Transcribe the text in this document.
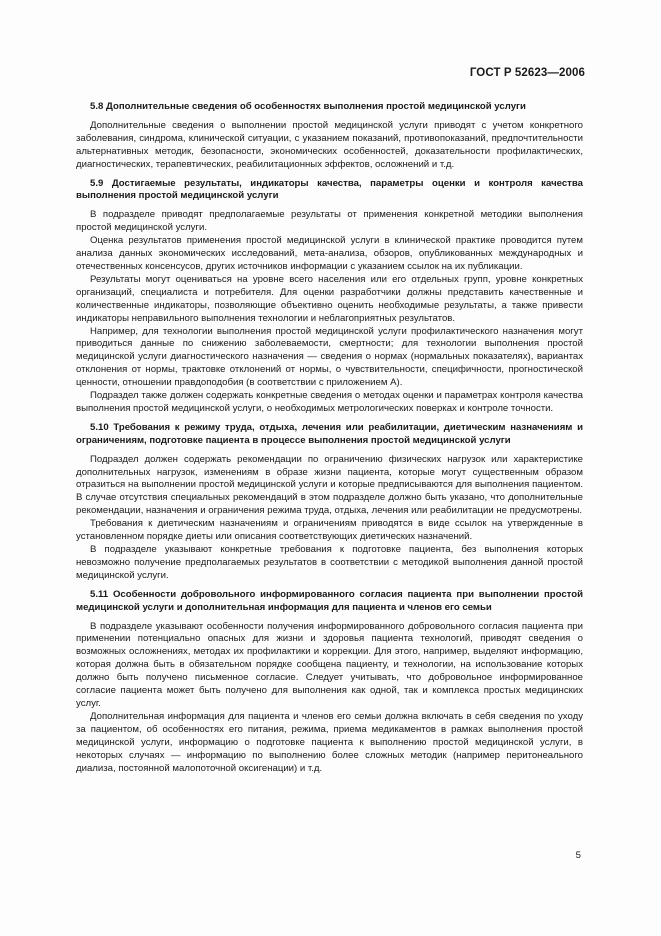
ГОСТ Р 52623—2006
5.8 Дополнительные сведения об особенностях выполнения простой медицинской услуги

Дополнительные сведения о выполнении простой медицинской услуги приводят с учетом конкретного заболевания, синдрома, клинической ситуации, с указанием показаний, противопоказаний, предпочтительности альтернативных методик, безопасности, экономических особенностей, доказательности профилактических, диагностических, терапевтических, реабилитационных эффектов, осложнений и т.д.

5.9 Достигаемые результаты, индикаторы качества, параметры оценки и контроля качества выполнения простой медицинской услуги

В подразделе приводят предполагаемые результаты от применения конкретной методики выполнения простой медицинской услуги.

Оценка результатов применения простой медицинской услуги в клинической практике проводится путем анализа данных экономических исследований, мета-анализа, обзоров, опубликованных международных и отечественных консенсусов, других источников информации с указанием ссылок на их публикации.

Результаты могут оцениваться на уровне всего населения или его отдельных групп, уровне конкретных организаций, специалиста и потребителя. Для оценки разработчики должны представить качественные и количественные индикаторы, позволяющие объективно оценить необходимые результаты, а также привести индикаторы неправильного выполнения технологии и неблагоприятных результатов.

Например, для технологии выполнения простой медицинской услуги профилактического назначения могут приводиться данные по снижению заболеваемости, смертности; для технологии выполнения простой медицинской услуги диагностического назначения — сведения о нормах (нормальных показателях), вариантах отклонения от нормы, трактовке отклонений от нормы, о чувствительности, специфичности, прогностической ценности, отношении правдоподобия (в соответствии с приложением А).

Подраздел также должен содержать конкретные сведения о методах оценки и параметрах контроля качества выполнения простой медицинской услуги, о необходимых метрологических поверках и контроле точности.

5.10 Требования к режиму труда, отдыха, лечения или реабилитации, диетическим назначениям и ограничениям, подготовке пациента в процессе выполнения простой медицинской услуги

Подраздел должен содержать рекомендации по ограничению физических нагрузок или характеристике дополнительных нагрузок, изменениям в образе жизни пациента, которые могут существенным образом отразиться на выполнении простой медицинской услуги и которые предписываются для выполнения пациентом. В случае отсутствия специальных рекомендаций в этом подразделе должно быть указано, что дополнительные рекомендации, назначения и ограничения режима труда, отдыха, лечения или реабилитации не предусмотрены.

Требования к диетическим назначениям и ограничениям приводятся в виде ссылок на утвержденные в установленном порядке диеты или описания соответствующих диетических назначений.

В подразделе указывают конкретные требования к подготовке пациента, без выполнения которых невозможно получение предполагаемых результатов в соответствии с методикой выполнения данной простой медицинской услуги.

5.11 Особенности добровольного информированного согласия пациента при выполнении простой медицинской услуги и дополнительная информация для пациента и членов его семьи

В подразделе указывают особенности получения информированного добровольного согласия пациента при применении потенциально опасных для жизни и здоровья пациента технологий, приводят сведения о возможных осложнениях, методах их профилактики и коррекции. Для этого, например, выделяют информацию, которая должна быть в обязательном порядке сообщена пациенту, и технологии, на использование которых должно быть получено письменное согласие. Следует учитывать, что добровольное информированное согласие пациента может быть получено для выполнения как одной, так и комплекса простых медицинских услуг.

Дополнительная информация для пациента и членов его семьи должна включать в себя сведения по уходу за пациентом, об особенностях его питания, режима, приема медикаментов в рамках выполнения простой медицинской услуги, информацию о подготовке пациента к выполнению простой медицинской услуги, в некоторых случаях — информацию по выполнению более сложных методик (например перитонеального диализа, постоянной малопоточной оксигенации) и т.д.

5
